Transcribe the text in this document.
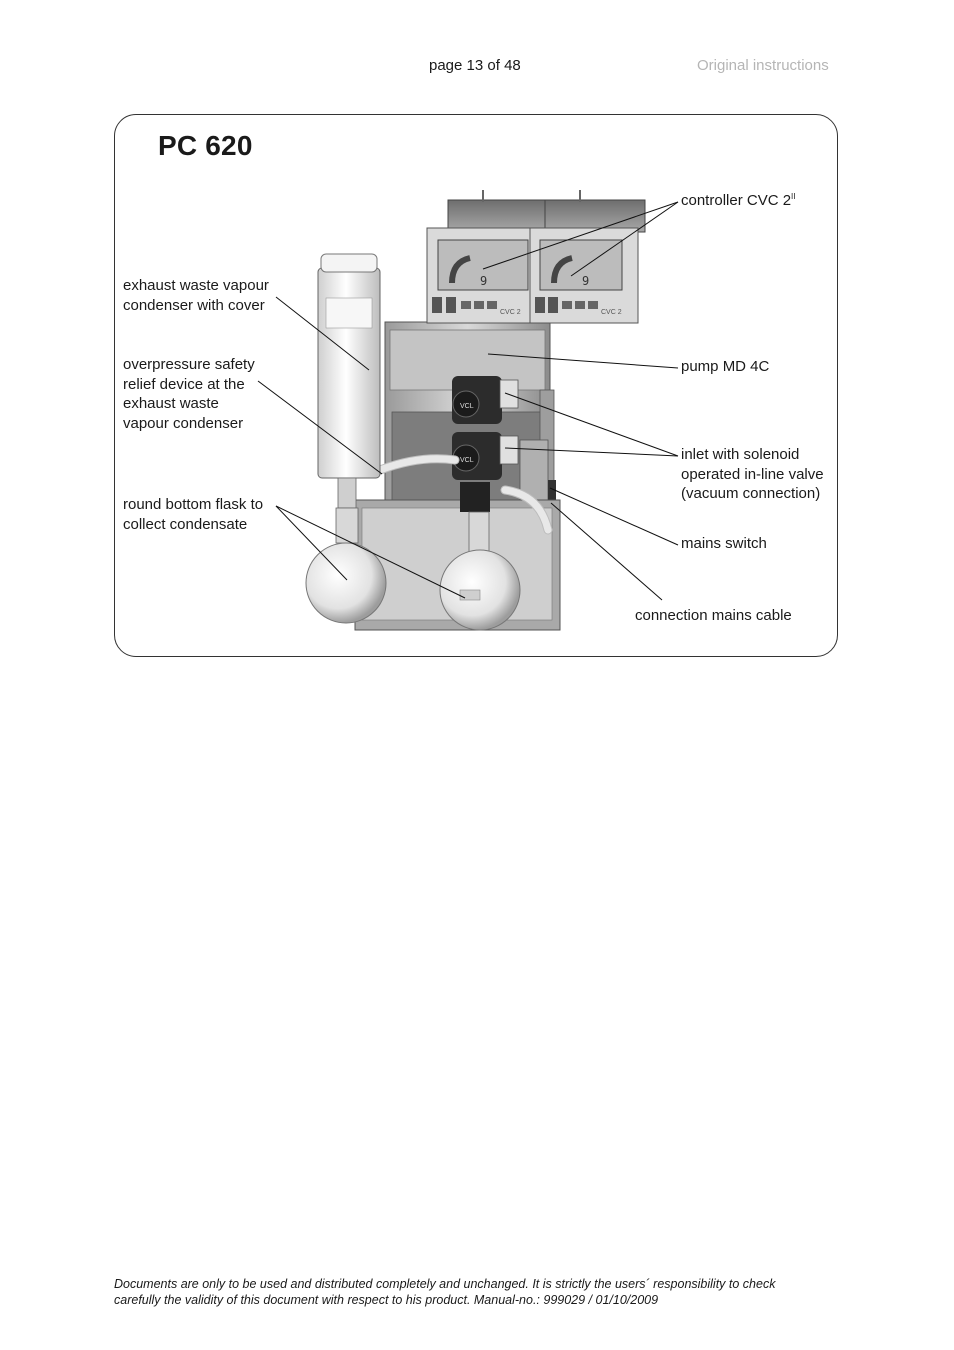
page 13 of 48	Original instructions
PC 620
controller CVC $2^{II}$
exhaust waste vapour
condenser with cover
overpressure safety
relief device at the
exhaust waste
vapour condenser
round bottom flask to
collect condensate
pump MD 4C
inlet with solenoid
operated in-line valve
(vacuum connection)
mains switch
connection mains cable
9
CVC 2
9
CVC 2
VCL
VCL
Documents are only to be used and distributed completely and unchanged. It is strictly the users´ responsibility to check
carefully the validity of this document with respect to his product. Manual-no.: 999029 / 01/10/2009
